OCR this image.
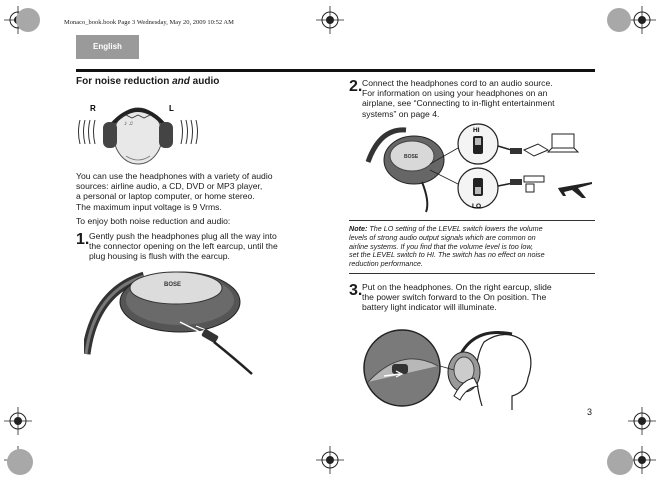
Monaco_book.book Page 3 Wednesday, May 20, 2009 10:52 AM
English
For noise reduction and audio
R	L
♪ ♫

You can use the headphones with a variety of audio

sources: airline audio, a CD, DVD or MP3 player,

a personal or laptop computer, or home stereo.

The maximum input voltage is 9 Vrms.

To enjoy both noise reduction and audio:

1. Gently push the headphones plug all the way into

the connector opening on the left earcup, until the

plug housing is flush with the earcup.

BOSE
2. Connect the headphones cord to an audio source.

For information on using your headphones on an

airplane, see “Connecting to in-flight entertainment

systems” on page 4.

BOSE
HI
LO
Note: The LO setting of the LEVEL switch lowers the volume
levels of strong audio output signals which are common on
airline systems. If you find that the volume level is too low,
set the LEVEL switch to HI. The switch has no effect on noise
reduction performance.
3. Put on the headphones. On the right earcup, slide

the power switch forward to the On position. The

battery light indicator will illuminate.

3
